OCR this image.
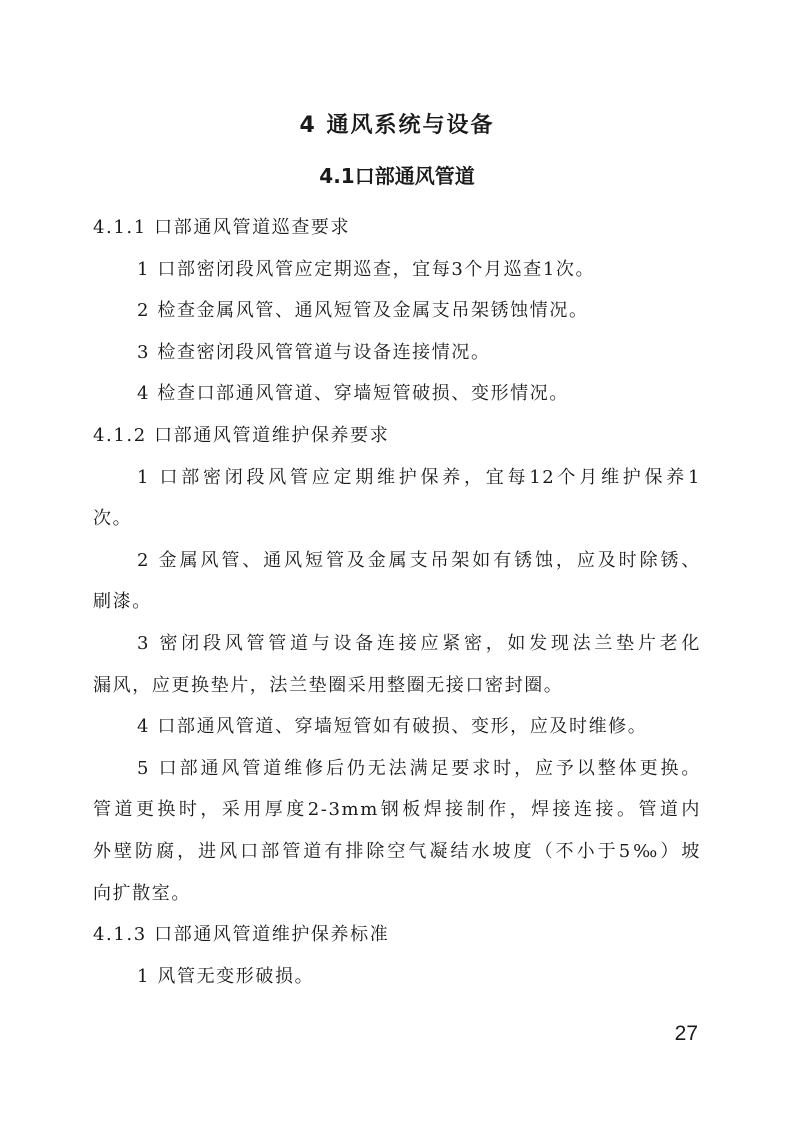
4 通风系统与设备
4.1口部通风管道

4.1.1 口部通风管道巡查要求

1 口部密闭段风管应定期巡查，宜每3个月巡查1次。

2 检查金属风管、通风短管及金属支吊架锈蚀情况。

3 检查密闭段风管管道与设备连接情况。

4 检查口部通风管道、穿墙短管破损、变形情况。

4.1.2 口部通风管道维护保养要求

1 口部密闭段风管应定期维护保养，宜每12个月维护保养1

次。

2 金属风管、通风短管及金属支吊架如有锈蚀，应及时除锈、

刷漆。

3 密闭段风管管道与设备连接应紧密，如发现法兰垫片老化

漏风，应更换垫片，法兰垫圈采用整圈无接口密封圈。

4 口部通风管道、穿墙短管如有破损、变形，应及时维修。

5 口部通风管道维修后仍无法满足要求时，应予以整体更换。

管道更换时，采用厚度2-3mm钢板焊接制作，焊接连接。管道内

外壁防腐，进风口部管道有排除空气凝结水坡度（不小于5‰）坡

向扩散室。

4.1.3 口部通风管道维护保养标准

1 风管无变形破损。

27
